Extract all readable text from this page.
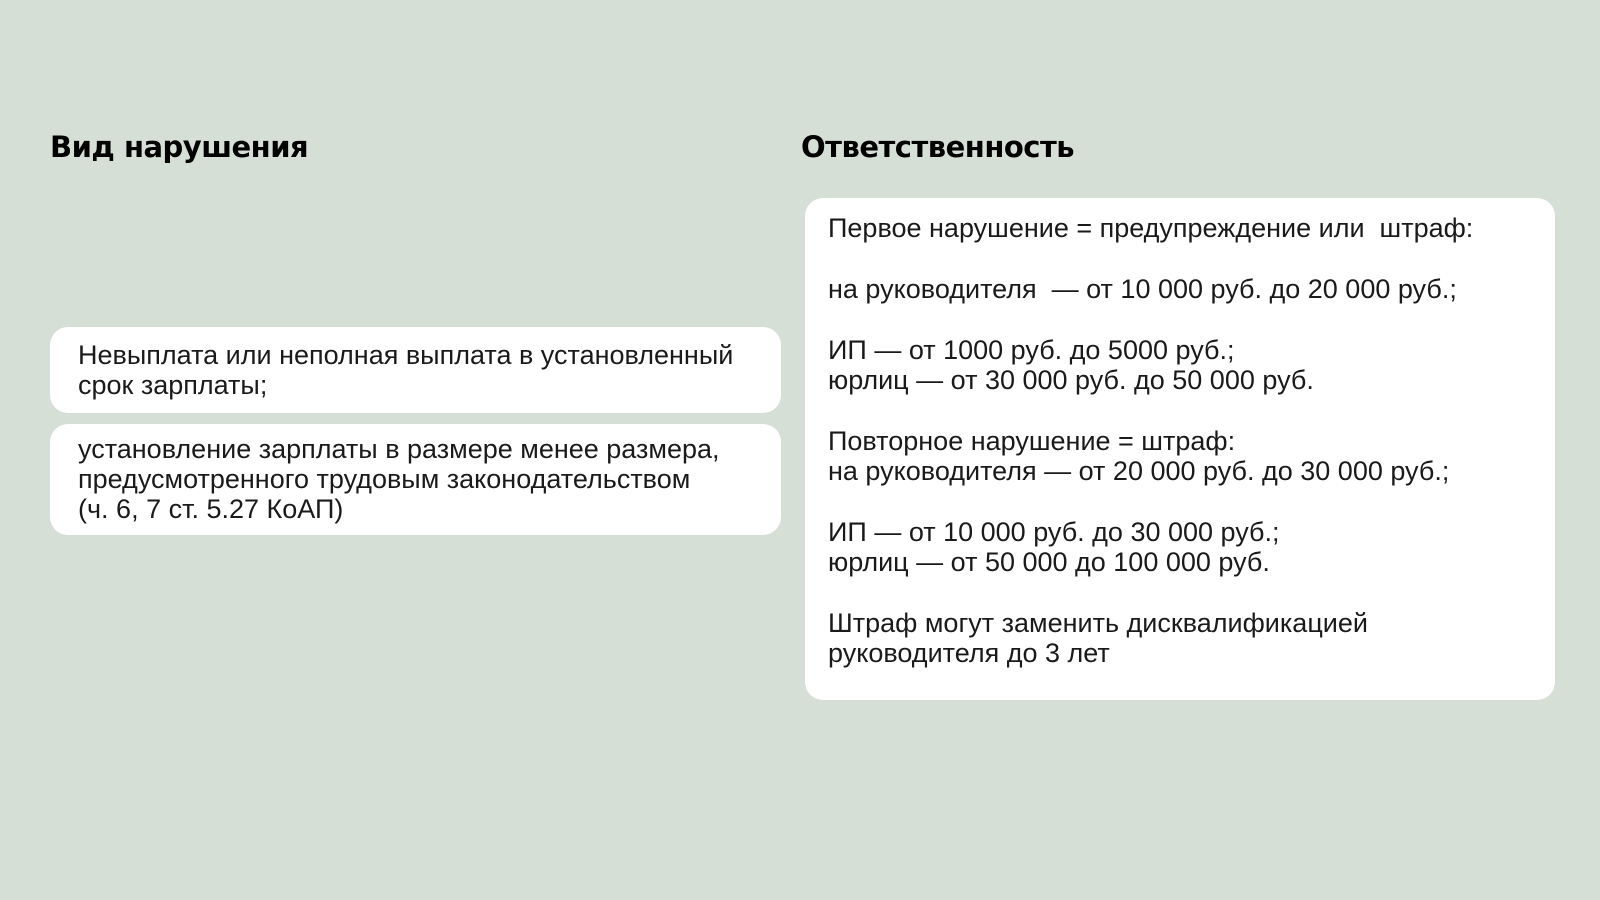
Вид нарушения	Ответственность
Невыплата или неполная выплата в установленный
срок зарплаты;
установление зарплаты в размере менее размера,
предусмотренного трудовым законодательством
(ч. 6, 7 ст. 5.27 КоАП)
Первое нарушение = предупреждение или  штраф:
на руководителя  — от 10 000 руб. до 20 000 руб.;
ИП — от 1000 руб. до 5000 руб.;
юрлиц — от 30 000 руб. до 50 000 руб.
Повторное нарушение = штраф:
на руководителя — от 20 000 руб. до 30 000 руб.;
ИП — от 10 000 руб. до 30 000 руб.;
юрлиц — от 50 000 до 100 000 руб.
Штраф могут заменить дисквалификацией
руководителя до 3 лет
